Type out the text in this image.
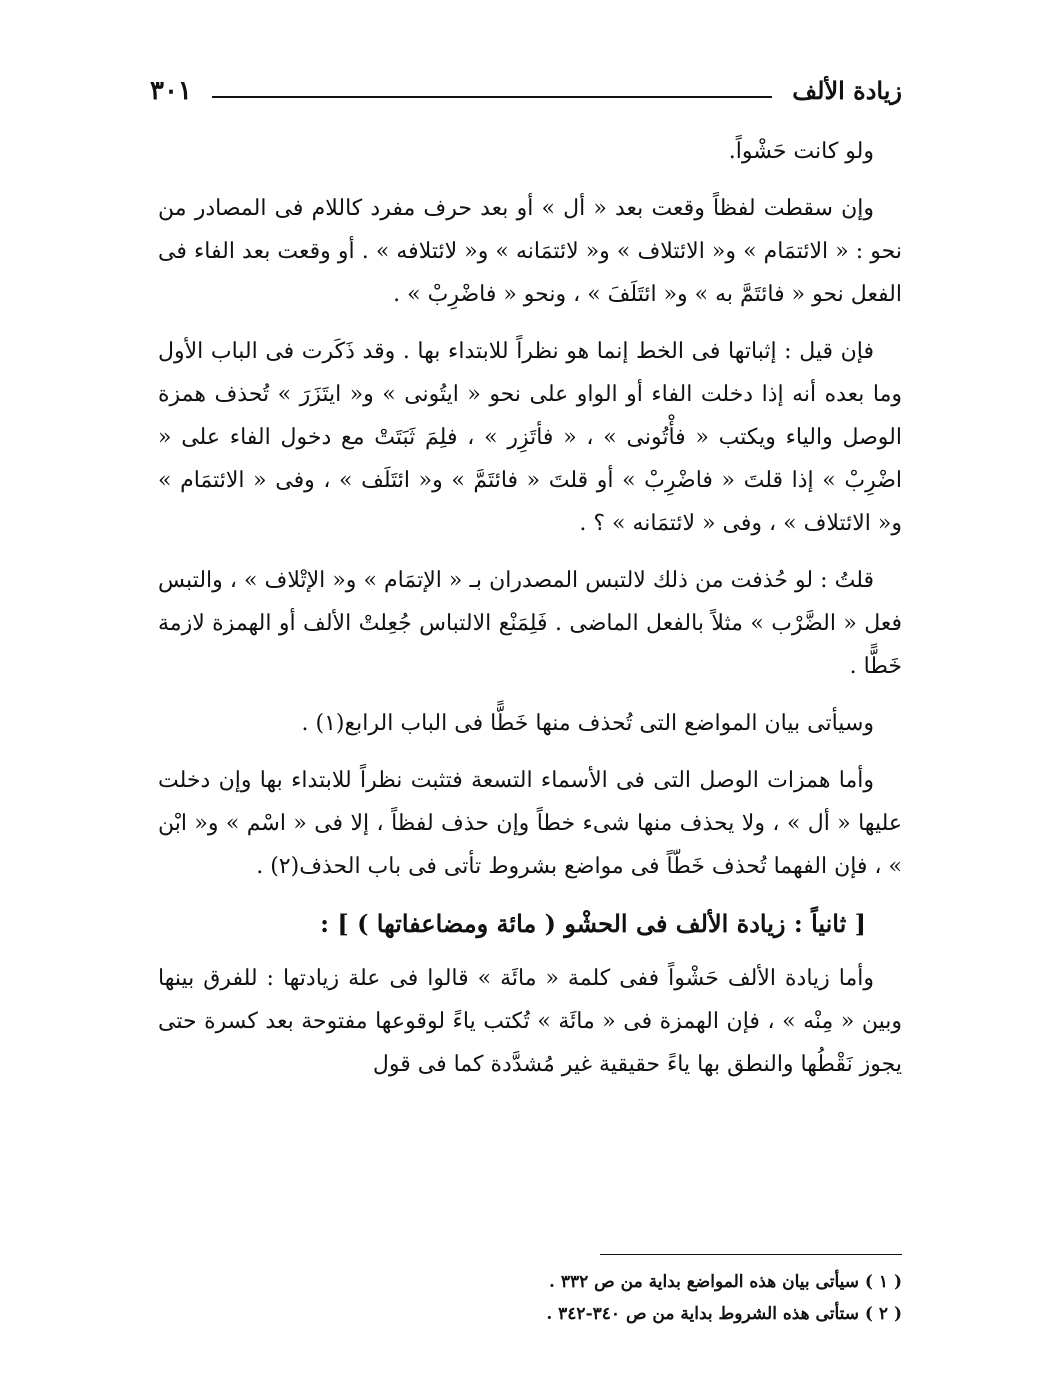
٣٠١	زيادة الألف

ولو كانت حَشْواً.

وإن سقطت لفظاً وقعت بعد « أل » أو بعد حرف مفرد كاللام فى المصادر من نحو : « الائتمَام » و« الائتلاف » و« لائتمَانه » و« لائتلافه » . أو وقعت بعد الفاء فى الفعل نحو « فائتَمَّ به » و« ائتَلَفَ » ، ونحو « فاضْرِبْ » .

فإن قيل : إثباتها فى الخط إنما هو نظراً للابتداء بها . وقد ذَكَرت فى الباب الأول وما بعده أنه إذا دخلت الفاء أو الواو على نحو « ايتُونى » و« ايتَزَرَ » تُحذف همزة الوصل والياء ويكتب « فأْتُونى » ، « فأتَزِر » ، فلِمَ ثَبَتَتْ مع دخول الفاء على « اضْرِبْ » إذا قلتَ « فاضْرِبْ » أو قلتَ « فائتَمَّ » و« ائتَلَف » ، وفى « الائتمَام » و« الائتلاف » ، وفى « لائتمَانه » ؟ .

قلتُ : لو حُذفت من ذلك لالتبس المصدران بـ « الإتمَام » و« الإتْلاف » ، والتبس فعل « الضَّرْب » مثلاً بالفعل الماضى . فَلِمَنْع الالتباس جُعِلتْ الألف أو الهمزة لازمة خَطًّا .

وسيأتى بيان المواضع التى تُحذف منها خَطًّا فى الباب الرابع(١) .

وأما همزات الوصل التى فى الأسماء التسعة فتثبت نظراً للابتداء بها وإن دخلت عليها « أل » ، ولا يحذف منها شىء خطاً وإن حذف لفظاً ، إلا فى « اسْم » و« ابْن » ، فإن الفهما تُحذف خَطّاً فى مواضع بشروط تأتى فى باب الحذف(٢) .

[ ثانياً : زيادة الألف فى الحشْو ( مائة ومضاعفاتها ) ] :

وأما زيادة الألف حَشْواً ففى كلمة « مائَة » قالوا فى علة زيادتها : للفرق بينها وبين « مِنْه » ، فإن الهمزة فى « مائَة » تُكتب ياءً لوقوعها مفتوحة بعد كسرة حتى يجوز نَقْطُها والنطق بها ياءً حقيقية غير مُشدَّدة كما فى قول

( ١ ) سيأتى بيان هذه المواضع بداية من ص ٣٣٢ .
( ٢ ) ستأتى هذه الشروط بداية من ص ٣٤٠-٣٤٢ .
